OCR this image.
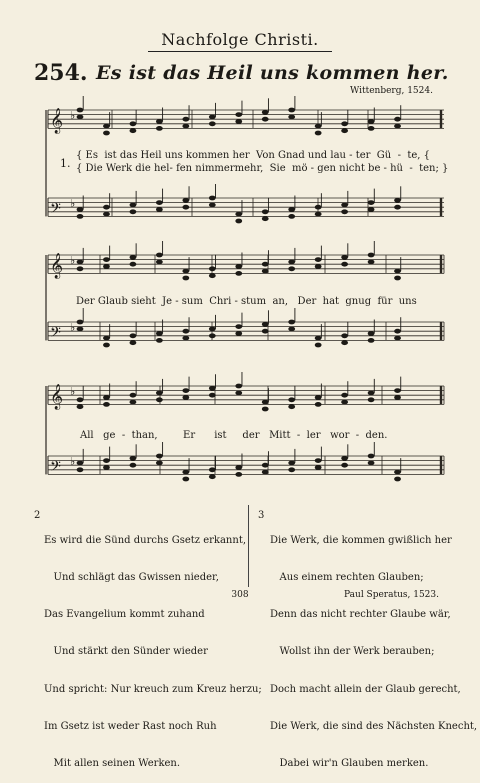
Nachfolge Christi.
254. Es ist das Heil uns kommen her.
Wittenberg, 1524.
𝄞 ♭
𝄢 ♭
𝄞 ♭
𝄢 ♭
𝄞 ♭
𝄢 ♭
1.
{ Es  ist das Heil uns kommen her  Von Gnad und lau - ter  Gü  -  te, {
{ Die Werk die hel- fen nimmermehr,  Sie  mö - gen nicht be - hü  -  ten; }
Der Glaub sieht  Je - sum  Chri - stum  an,   Der  hat  gnug  für  uns
All   ge  -  than,        Er      ist     der   Mitt  -  ler   wor  -  den.
2

Es wird die Sünd durchs Gsetz erkannt,

Und schlägt das Gwissen nieder,

Das Evangelium kommt zuhand

Und stärkt den Sünder wieder

Und spricht: Nur kreuch zum Kreuz herzu;

Im Gsetz ist weder Rast noch Ruh

Mit allen seinen Werken.

3

Die Werk, die kommen gwißlich her

Aus einem rechten Glauben;

Denn das nicht rechter Glaube wär,

Wollst ihn der Werk berauben;

Doch macht allein der Glaub gerecht,

Die Werk, die sind des Nächsten Knecht,

Dabei wir'n Glauben merken.

308	Paul Speratus, 1523.
